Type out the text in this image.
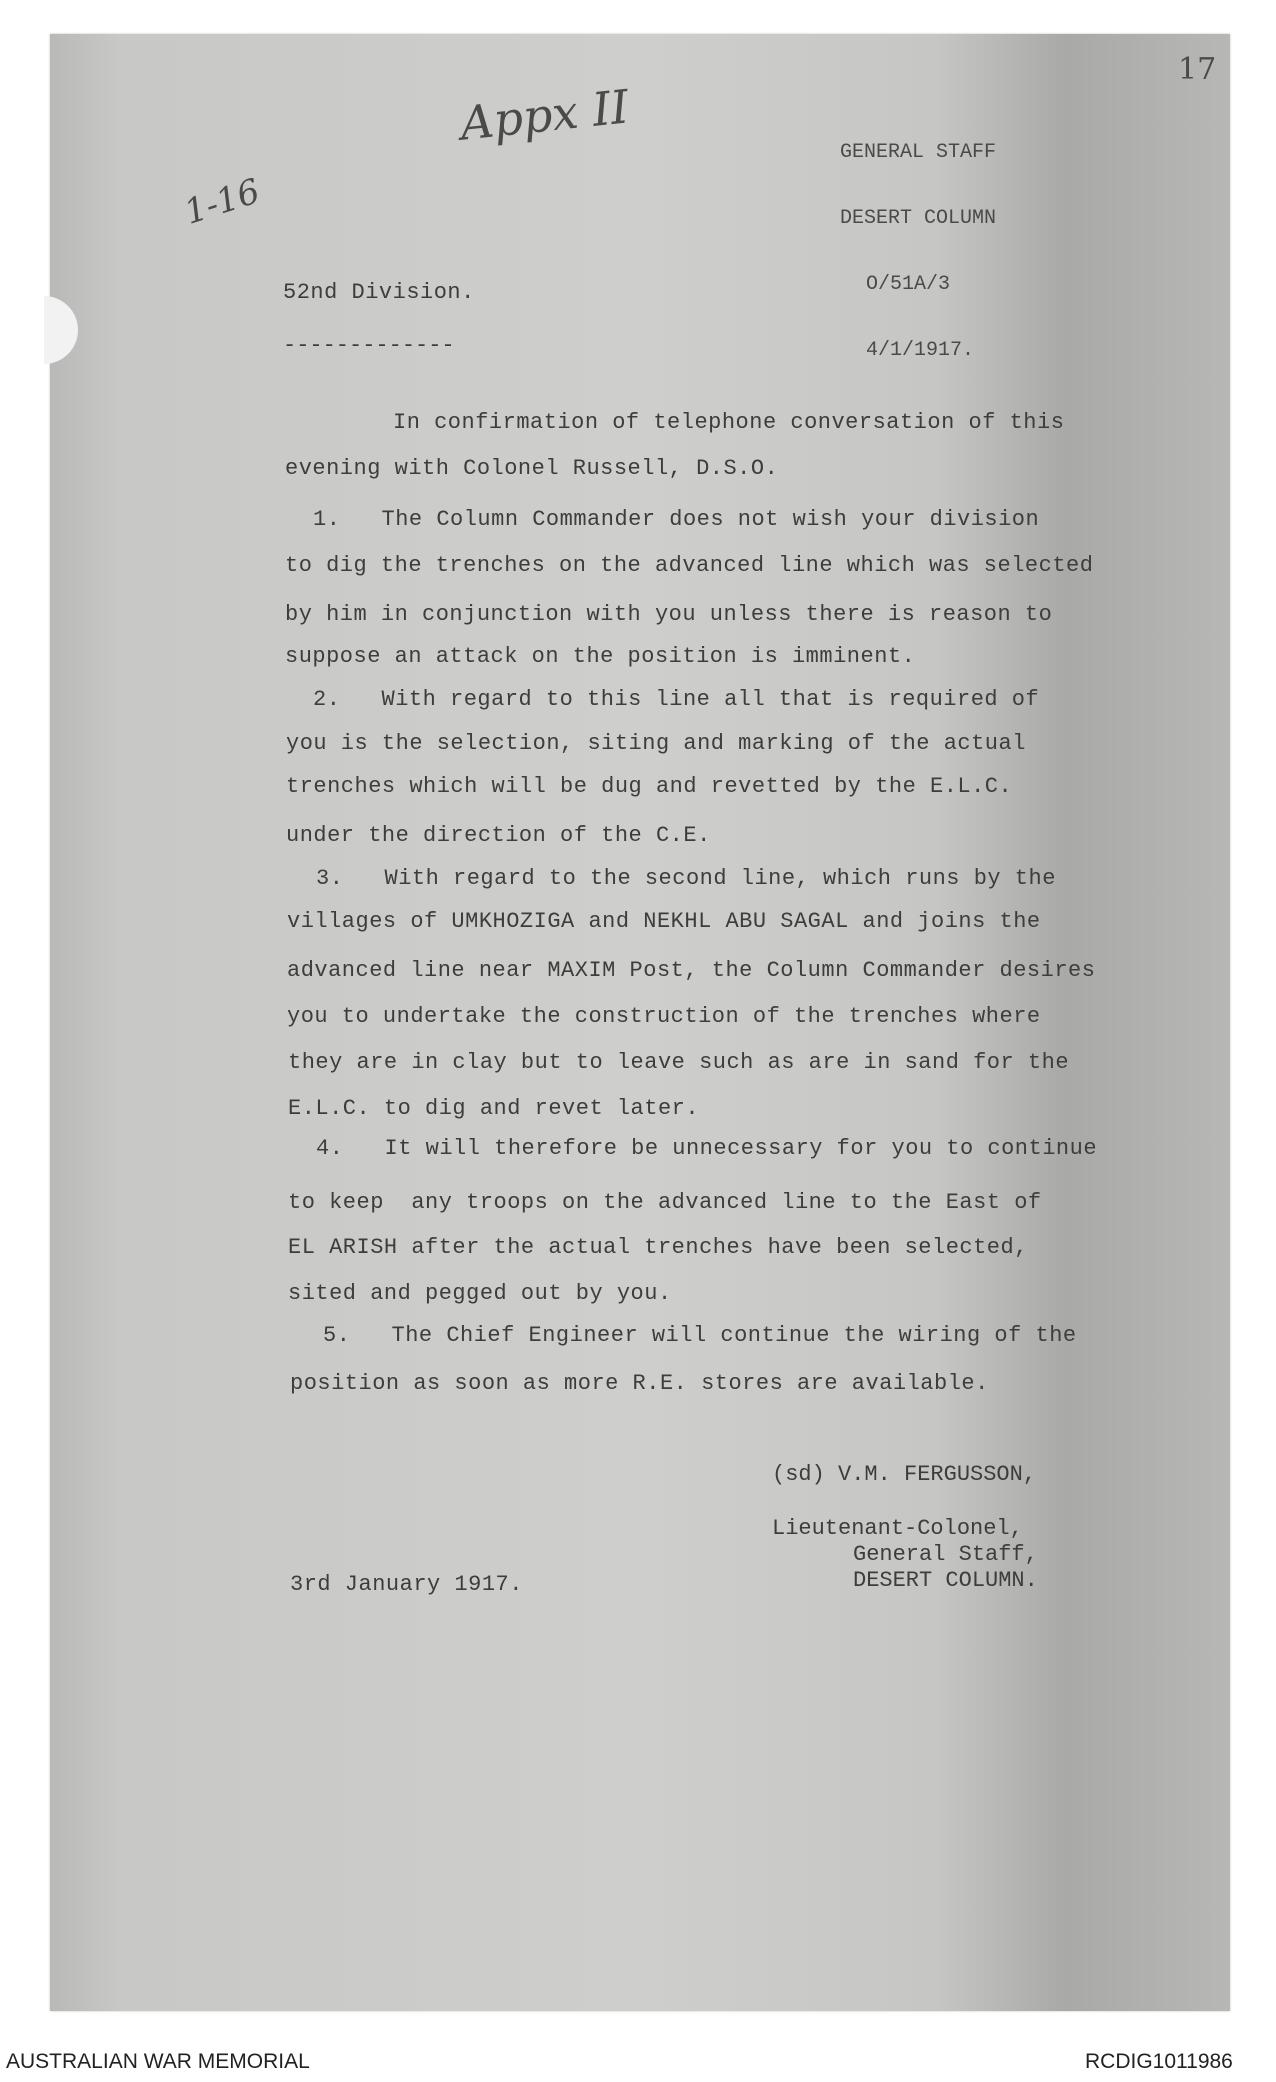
17
Appx II
1-16

GENERAL STAFF

DESERT COLUMN

O/51A/3

4/1/1917.

52nd Division.
-------------
In confirmation of telephone conversation of this
evening with Colonel Russell, D.S.O.
1.   The Column Commander does not wish your division
to dig the trenches on the advanced line which was selected
by him in conjunction with you unless there is reason to
suppose an attack on the position is imminent.
2.   With regard to this line all that is required of
you is the selection, siting and marking of the actual
trenches which will be dug and revetted by the E.L.C.
under the direction of the C.E.
3.   With regard to the second line, which runs by the
villages of UMKHOZIGA and NEKHL ABU SAGAL and joins the
advanced line near MAXIM Post, the Column Commander desires
you to undertake the construction of the trenches where
they are in clay but to leave such as are in sand for the
E.L.C. to dig and revet later.
4.   It will therefore be unnecessary for you to continue
to keep  any troops on the advanced line to the East of
EL ARISH after the actual trenches have been selected,
sited and pegged out by you.
5.   The Chief Engineer will continue the wiring of the
position as soon as more R.E. stores are available.
(sd) V.M. FERGUSSON,
Lieutenant-Colonel,
General Staff,
DESERT COLUMN.
3rd January 1917.
AUSTRALIAN WAR MEMORIAL	RCDIG1011986
